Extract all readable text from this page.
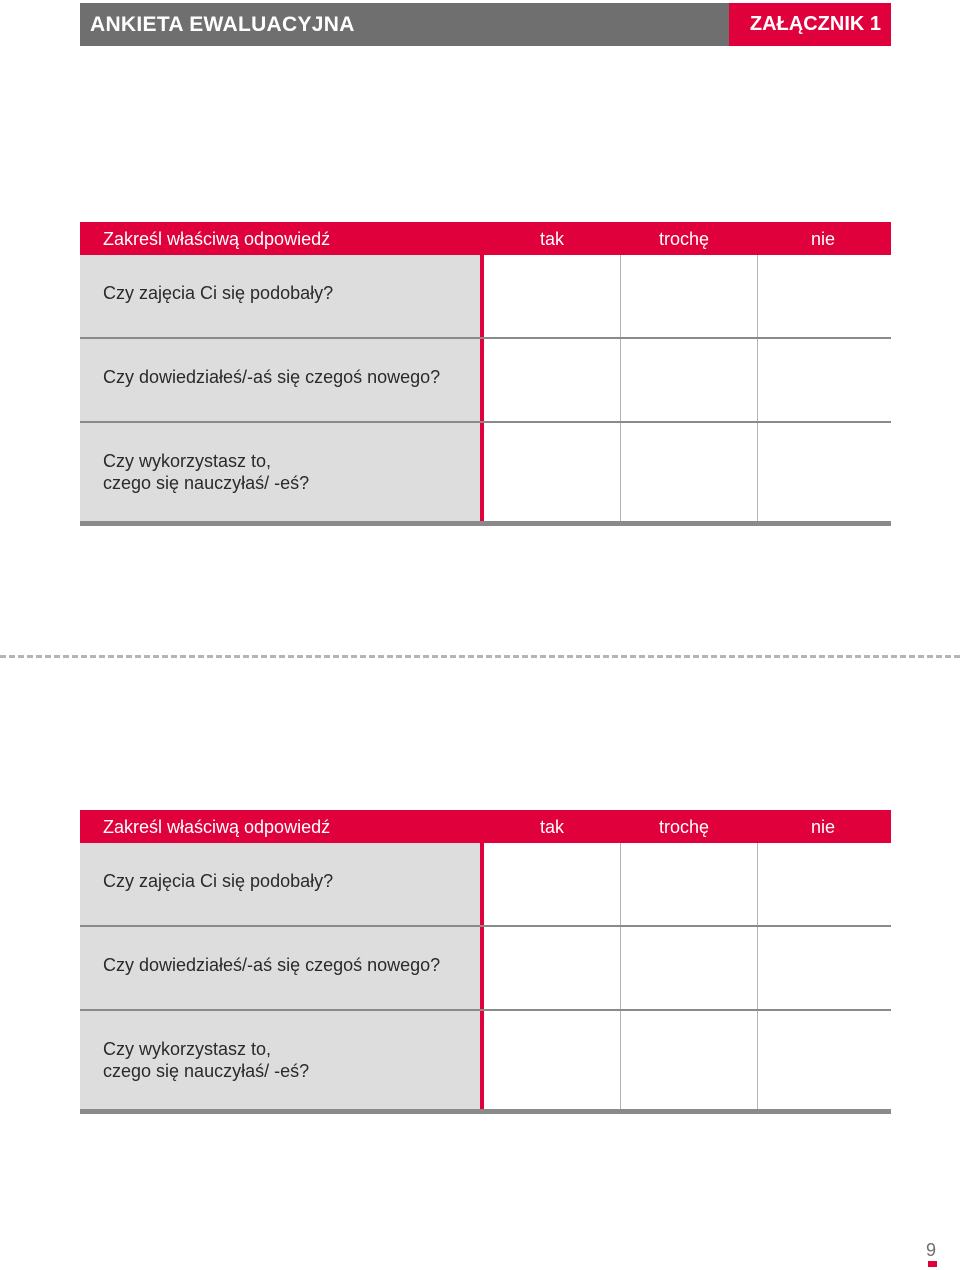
ANKIETA EWALUACYJNA	ZAŁĄCZNIK 1
Zakreśl właściwą odpowiedź	tak	trochę	nie
Czy zajęcia Ci się podobały?
Czy dowiedziałeś/-aś się czegoś nowego?
Czy wykorzystasz to,
czego się nauczyłaś/ -eś?
Zakreśl właściwą odpowiedź	tak	trochę	nie
Czy zajęcia Ci się podobały?
Czy dowiedziałeś/-aś się czegoś nowego?
Czy wykorzystasz to,
czego się nauczyłaś/ -eś?
9
